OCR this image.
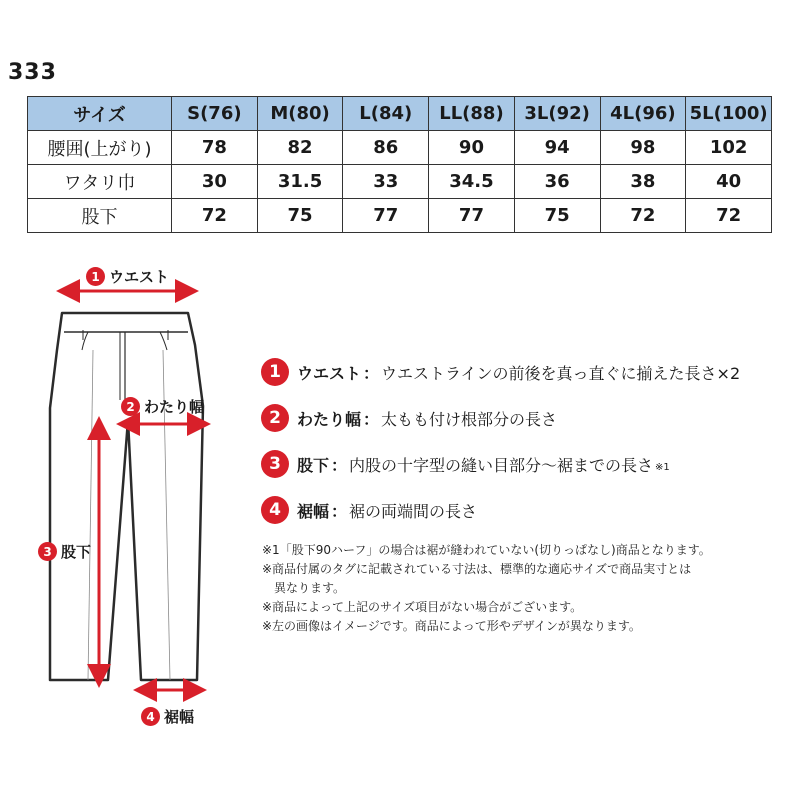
333
サイズ	S(76)	M(80)	L(84)	LL(88)	3L(92)	4L(96)	5L(100)
腰囲(上がり)	78	82	86	90	94	98	102
ワタリ巾	30	31.5	33	34.5	36	38	40
股下	72	75	77	77	75	72	72
1 ウエスト
2 わたり幅
3 股下
4 裾幅
1	ウエスト ： ウエストラインの前後を真っ直ぐに揃えた長さ×2
2	わたり幅 ： 太もも付け根部分の長さ
3	股下 ： 内股の十字型の縫い目部分～裾までの長さ ※1
4	裾幅 ： 裾の両端間の長さ
※1「股下90ハーフ」の場合は裾が縫われていない(切りっぱなし)商品となります。
※商品付属のタグに記載されている寸法は、標準的な適応サイズで商品実寸とは
　異なります。
※商品によって上記のサイズ項目がない場合がございます。
※左の画像はイメージです。商品によって形やデザインが異なります。
